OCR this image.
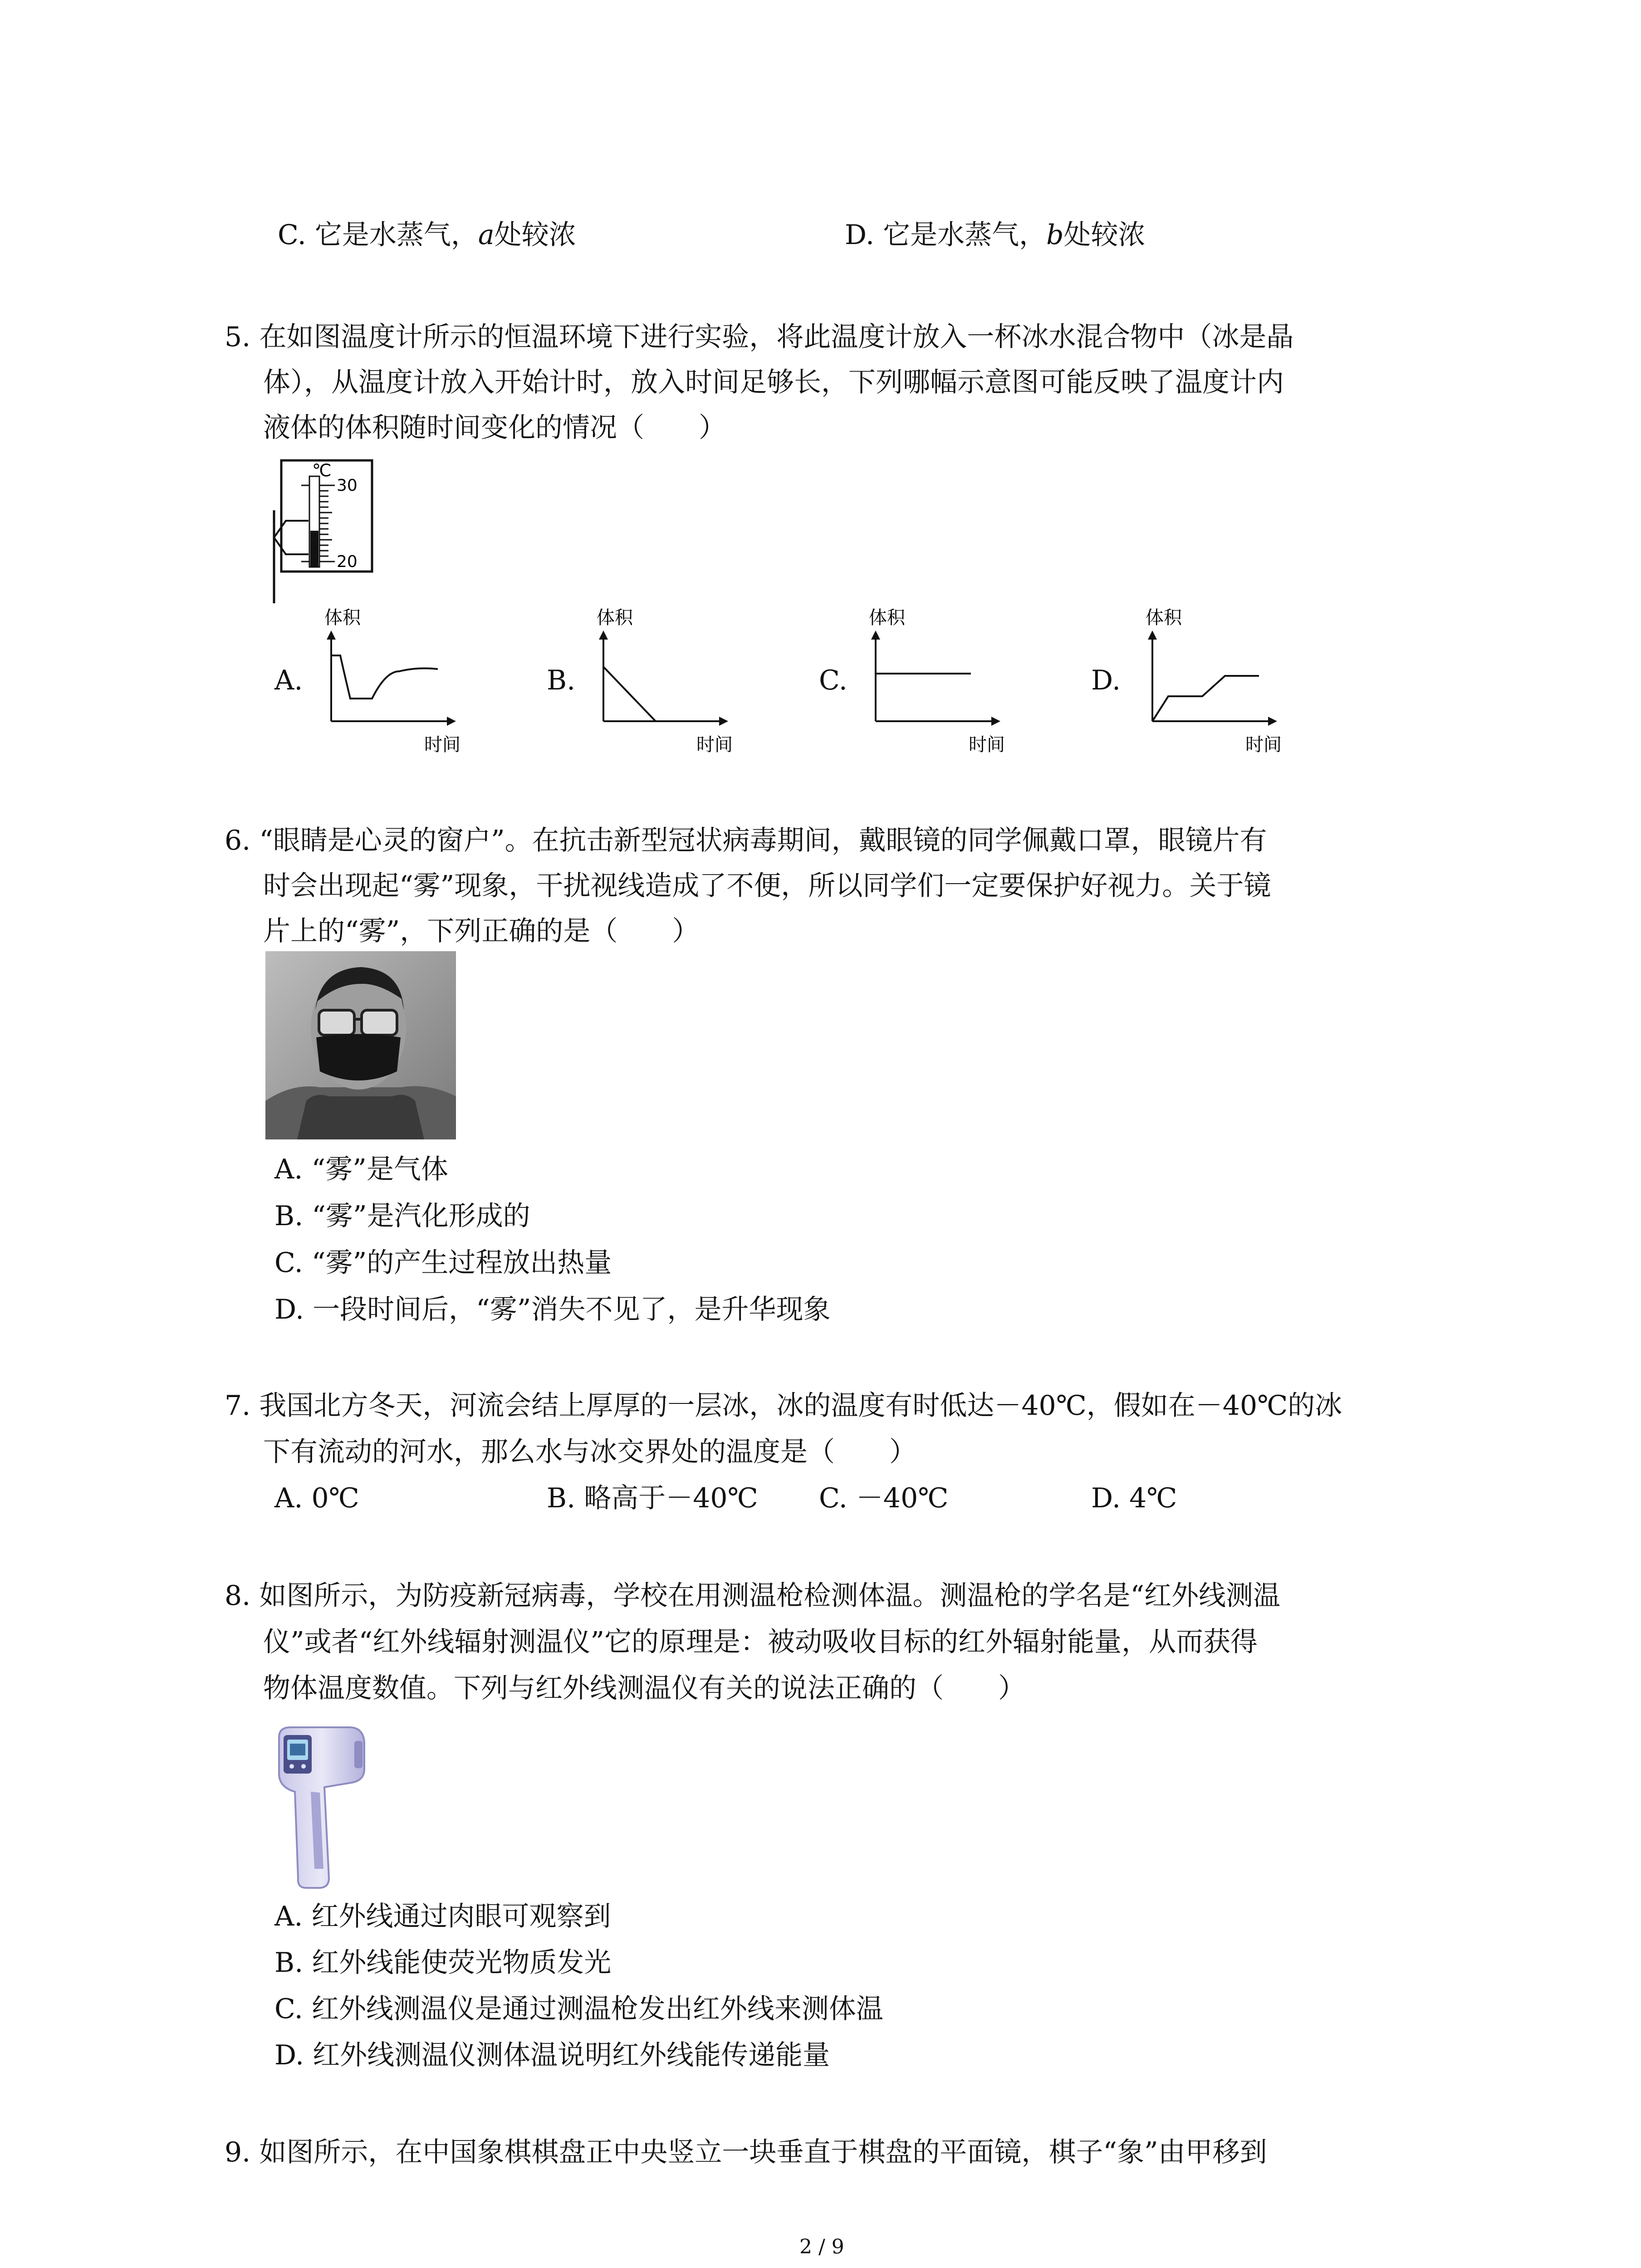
C. 它是水蒸气，a处较浓	D. 它是水蒸气，b处较浓
5. 在如图温度计所示的恒温环境下进行实验，将此温度计放入一杯冰水混合物中（冰是晶
体），从温度计放入开始计时，放入时间足够长，下列哪幅示意图可能反映了温度计内
液体的体积随时间变化的情况（　　）
℃
30
20
A.
体积
时间
B.
体积
时间
C.
体积
时间
D.
体积
时间
6. “眼睛是心灵的窗户”。在抗击新型冠状病毒期间，戴眼镜的同学佩戴口罩，眼镜片有
时会出现起“雾”现象，干扰视线造成了不便，所以同学们一定要保护好视力。关于镜
片上的“雾”，下列正确的是（　　）
A. “雾”是气体
B. “雾”是汽化形成的
C. “雾”的产生过程放出热量
D. 一段时间后，“雾”消失不见了，是升华现象
7. 我国北方冬天，河流会结上厚厚的一层冰，冰的温度有时低达－40℃，假如在－40℃的冰
下有流动的河水，那么水与冰交界处的温度是（　　）
A. 0℃	B. 略高于－40℃ C. －40℃	D. 4℃
8. 如图所示，为防疫新冠病毒，学校在用测温枪检测体温。测温枪的学名是“红外线测温
仪”或者“红外线辐射测温仪”它的原理是：被动吸收目标的红外辐射能量，从而获得
物体温度数值。下列与红外线测温仪有关的说法正确的（　　）
A. 红外线通过肉眼可观察到
B. 红外线能使荧光物质发光
C. 红外线测温仪是通过测温枪发出红外线来测体温
D. 红外线测温仪测体温说明红外线能传递能量
9. 如图所示，在中国象棋棋盘正中央竖立一块垂直于棋盘的平面镜，棋子“象”由甲移到
2 / 9
